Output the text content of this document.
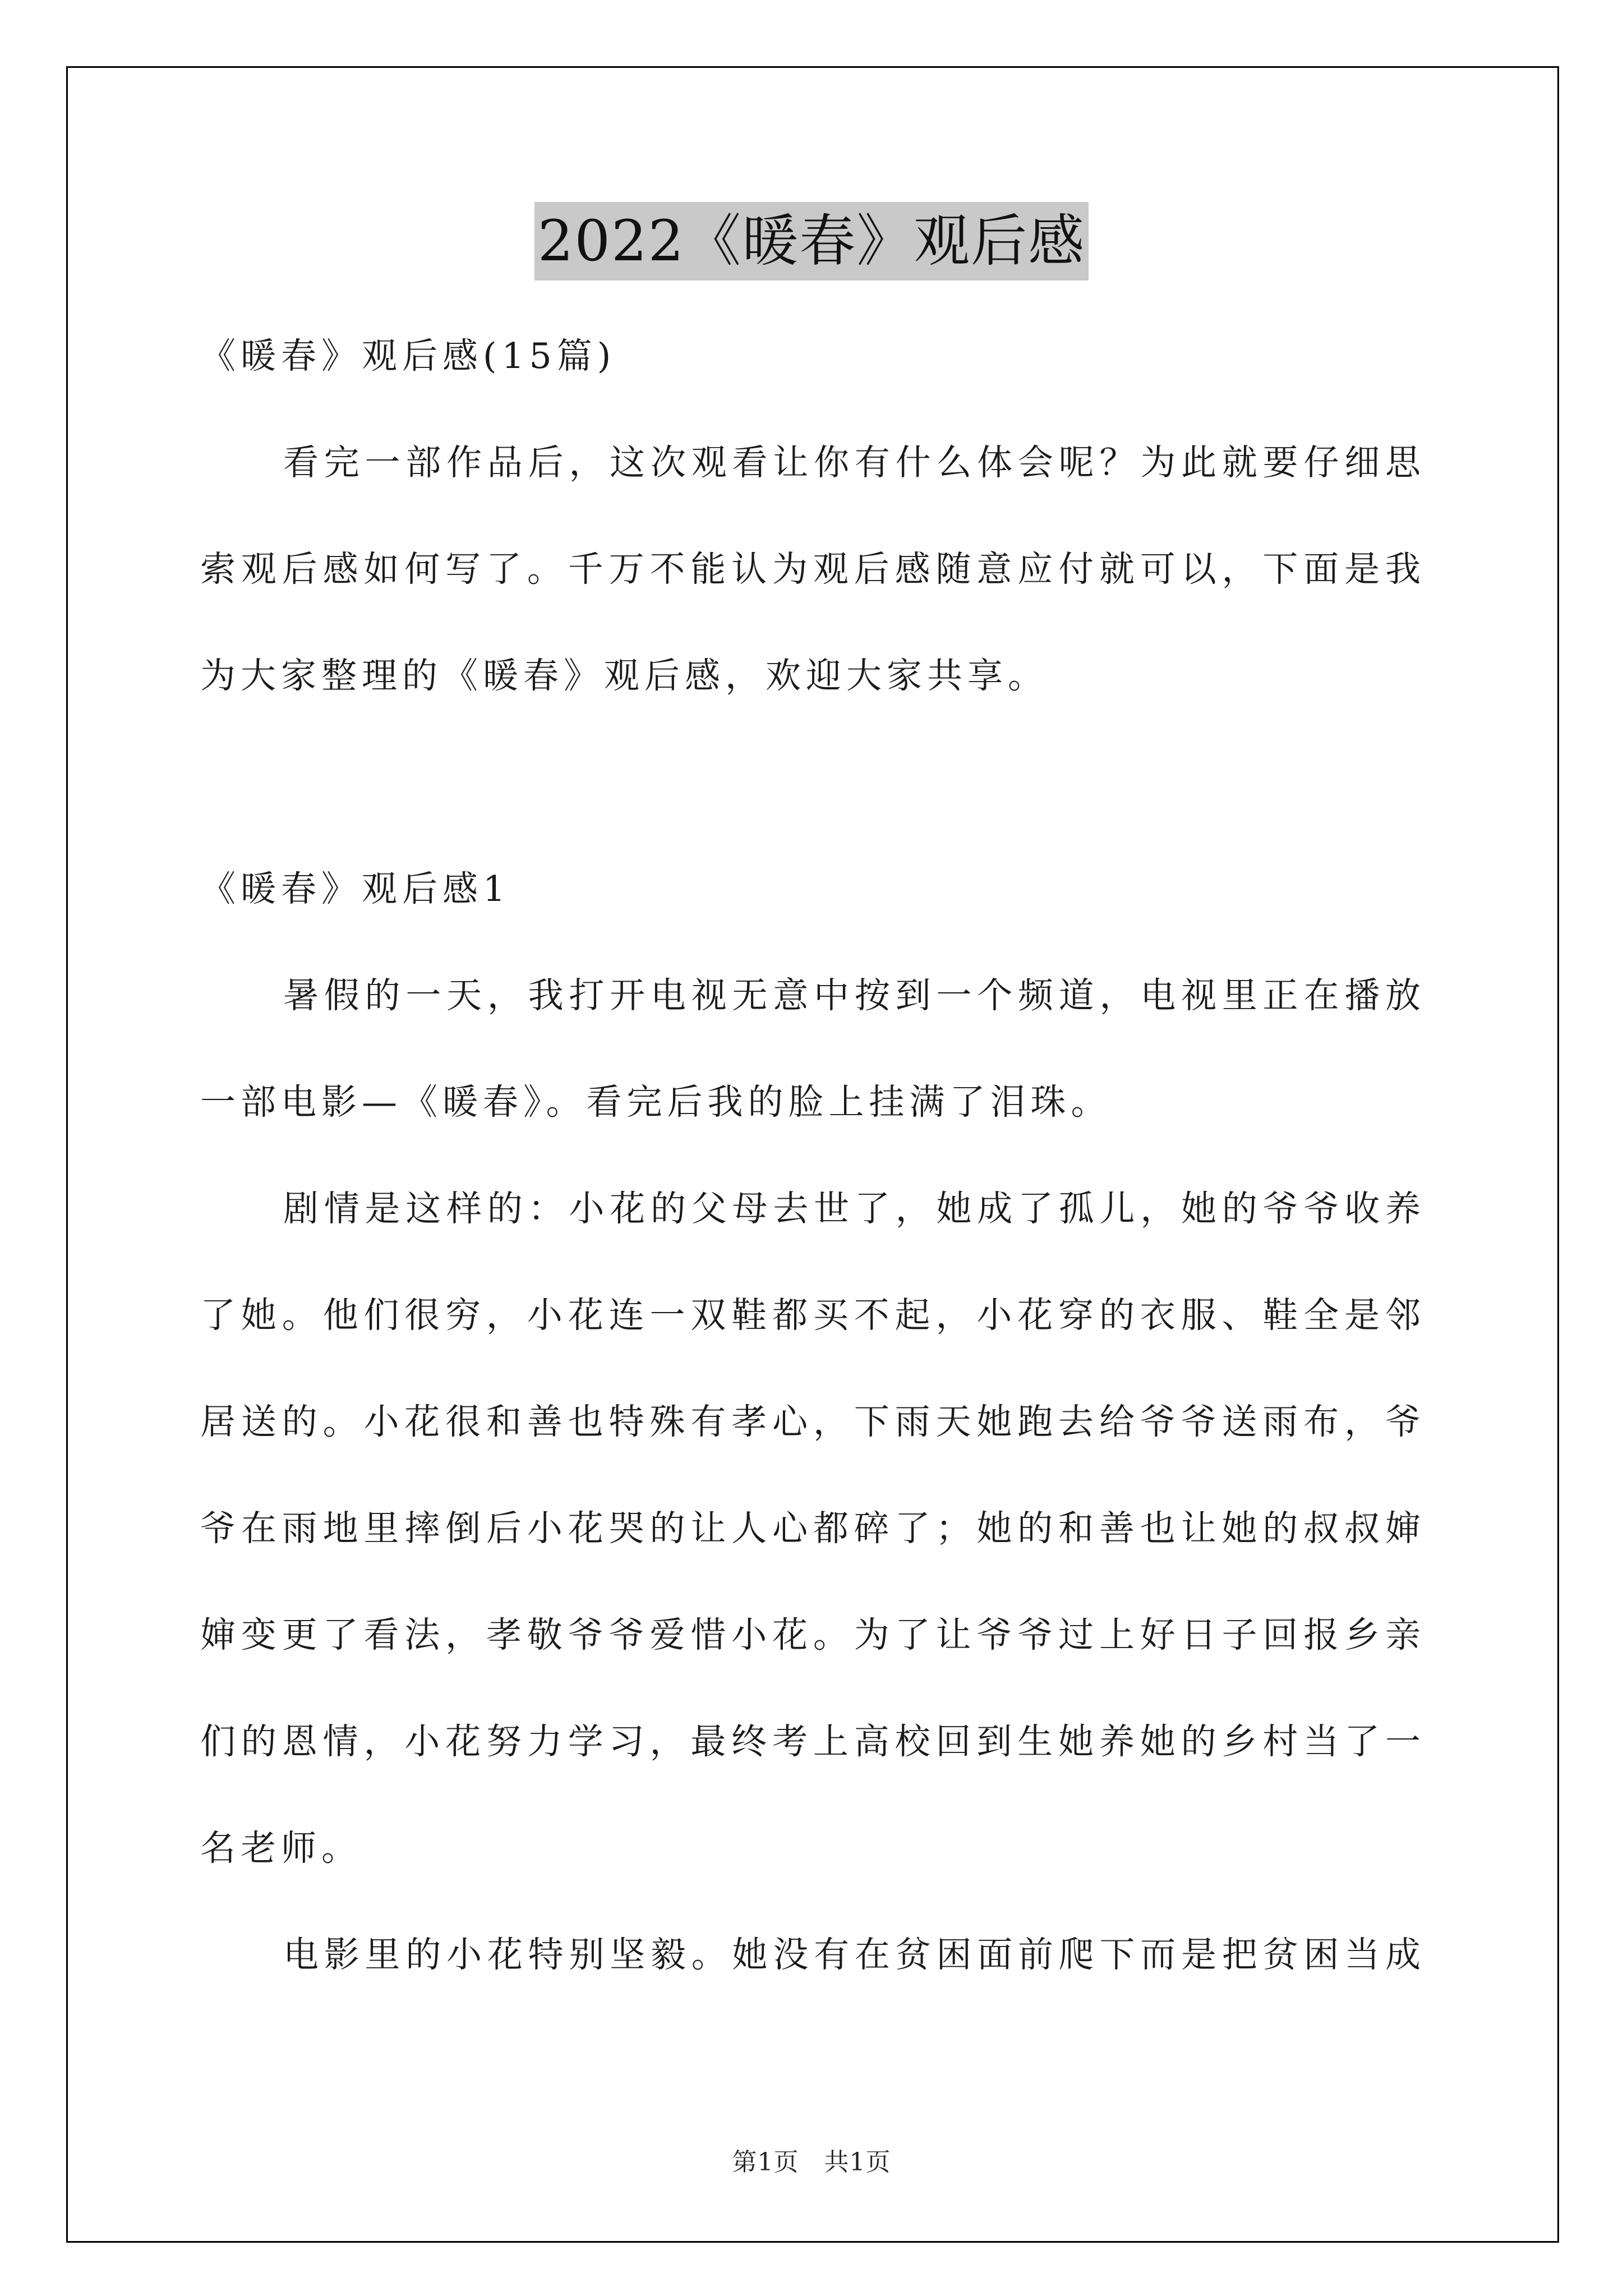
2022《暖春》观后感
《暖春》观后感(15篇)
看完一部作品后，这次观看让你有什么体会呢？为此就要仔细思
索观后感如何写了。千万不能认为观后感随意应付就可以，下面是我
为大家整理的《暖春》观后感，欢迎大家共享。
《暖春》观后感1
暑假的一天，我打开电视无意中按到一个频道，电视里正在播放
一部电影—《暖春》。看完后我的脸上挂满了泪珠。
剧情是这样的：小花的父母去世了，她成了孤儿，她的爷爷收养
了她。他们很穷，小花连一双鞋都买不起，小花穿的衣服、鞋全是邻
居送的。小花很和善也特殊有孝心，下雨天她跑去给爷爷送雨布，爷
爷在雨地里摔倒后小花哭的让人心都碎了；她的和善也让她的叔叔婶
婶变更了看法，孝敬爷爷爱惜小花。为了让爷爷过上好日子回报乡亲
们的恩情，小花努力学习，最终考上高校回到生她养她的乡村当了一
名老师。
电影里的小花特别坚毅。她没有在贫困面前爬下而是把贫困当成
第1页　共1页
